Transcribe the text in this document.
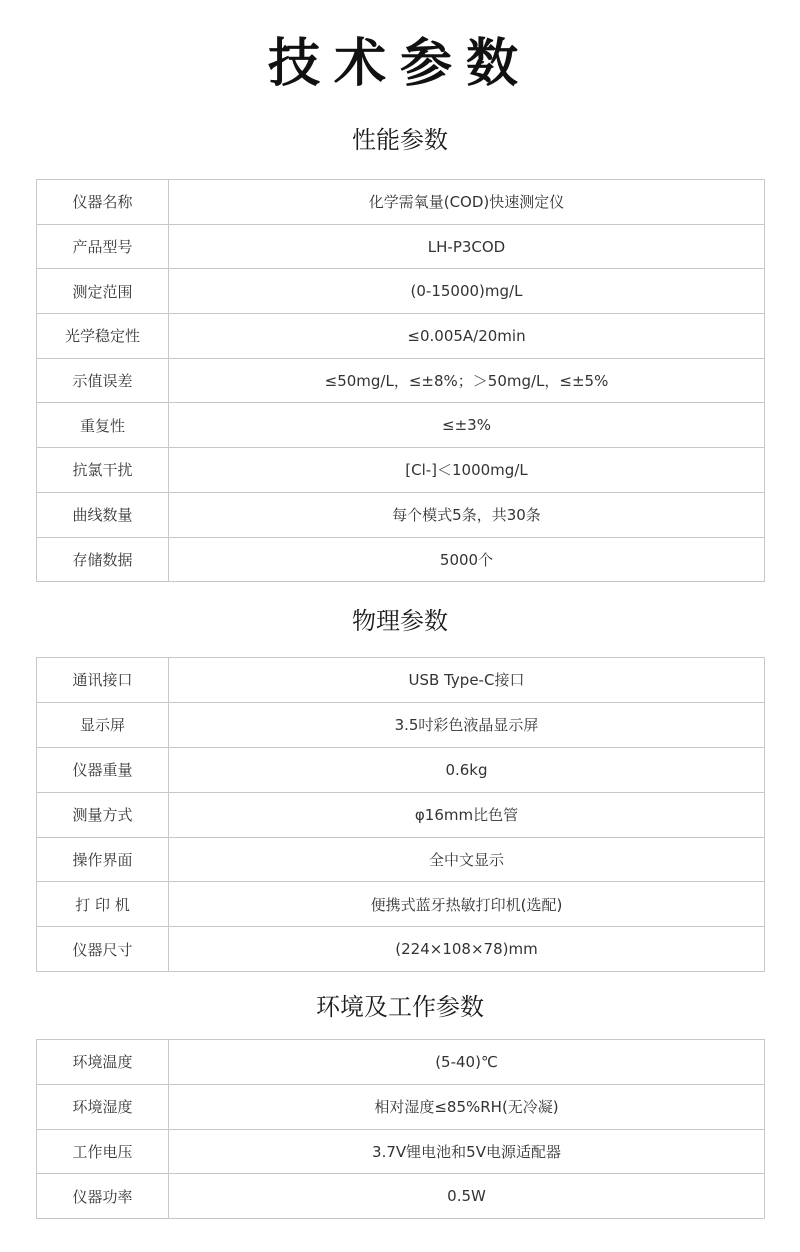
技术参数
性能参数
仪器名称	化学需氧量(COD)快速测定仪
产品型号	LH-P3COD
测定范围	(0-15000)mg/L
光学稳定性	≤0.005A/20min
示值误差	≤50mg/L，≤±8%；＞50mg/L，≤±5%
重复性	≤±3%
抗氯干扰	[Cl-]＜1000mg/L
曲线数量	每个模式5条，共30条
存储数据	5000个
物理参数
通讯接口	USB Type-C接口
显示屏	3.5吋彩色液晶显示屏
仪器重量	0.6kg
测量方式	φ16mm比色管
操作界面	全中文显示
打 印 机	便携式蓝牙热敏打印机(选配)
仪器尺寸	(224×108×78)mm
环境及工作参数
环境温度	(5-40)℃
环境湿度	相对湿度≤85%RH(无冷凝)
工作电压	3.7V锂电池和5V电源适配器
仪器功率	0.5W
